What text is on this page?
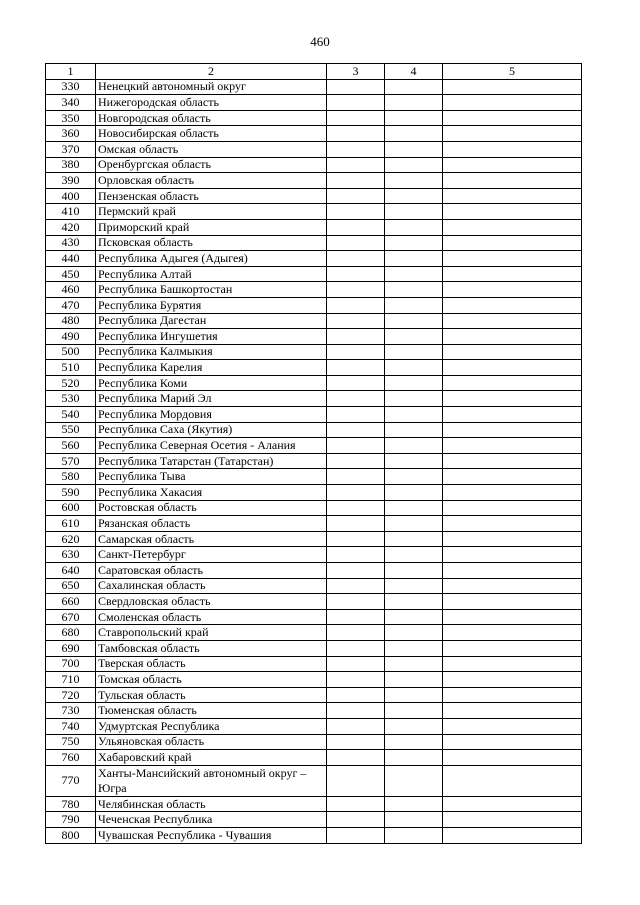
460
1	2	3	4	5
330	Ненецкий автономный округ			
340	Нижегородская область			
350	Новгородская область			
360	Новосибирская область			
370	Омская область			
380	Оренбургская область			
390	Орловская область			
400	Пензенская область			
410	Пермский край			
420	Приморский край			
430	Псковская область			
440	Республика Адыгея (Адыгея)			
450	Республика Алтай			
460	Республика Башкортостан			
470	Республика Бурятия			
480	Республика Дагестан			
490	Республика Ингушетия			
500	Республика Калмыкия			
510	Республика Карелия			
520	Республика Коми			
530	Республика Марий Эл			
540	Республика Мордовия			
550	Республика Саха (Якутия)			
560	Республика Северная Осетия - Алания			
570	Республика Татарстан (Татарстан)			
580	Республика Тыва			
590	Республика Хакасия			
600	Ростовская область			
610	Рязанская область			
620	Самарская область			
630	Санкт-Петербург			
640	Саратовская область			
650	Сахалинская область			
660	Свердловская область			
670	Смоленская область			
680	Ставропольский край			
690	Тамбовская область			
700	Тверская область			
710	Томская область			
720	Тульская область			
730	Тюменская область			
740	Удмуртская Республика			
750	Ульяновская область			
760	Хабаровский край			
770	Ханты-Мансийский автономный округ – Югра			
780	Челябинская область			
790	Чеченская Республика			
800	Чувашская Республика - Чувашия			
